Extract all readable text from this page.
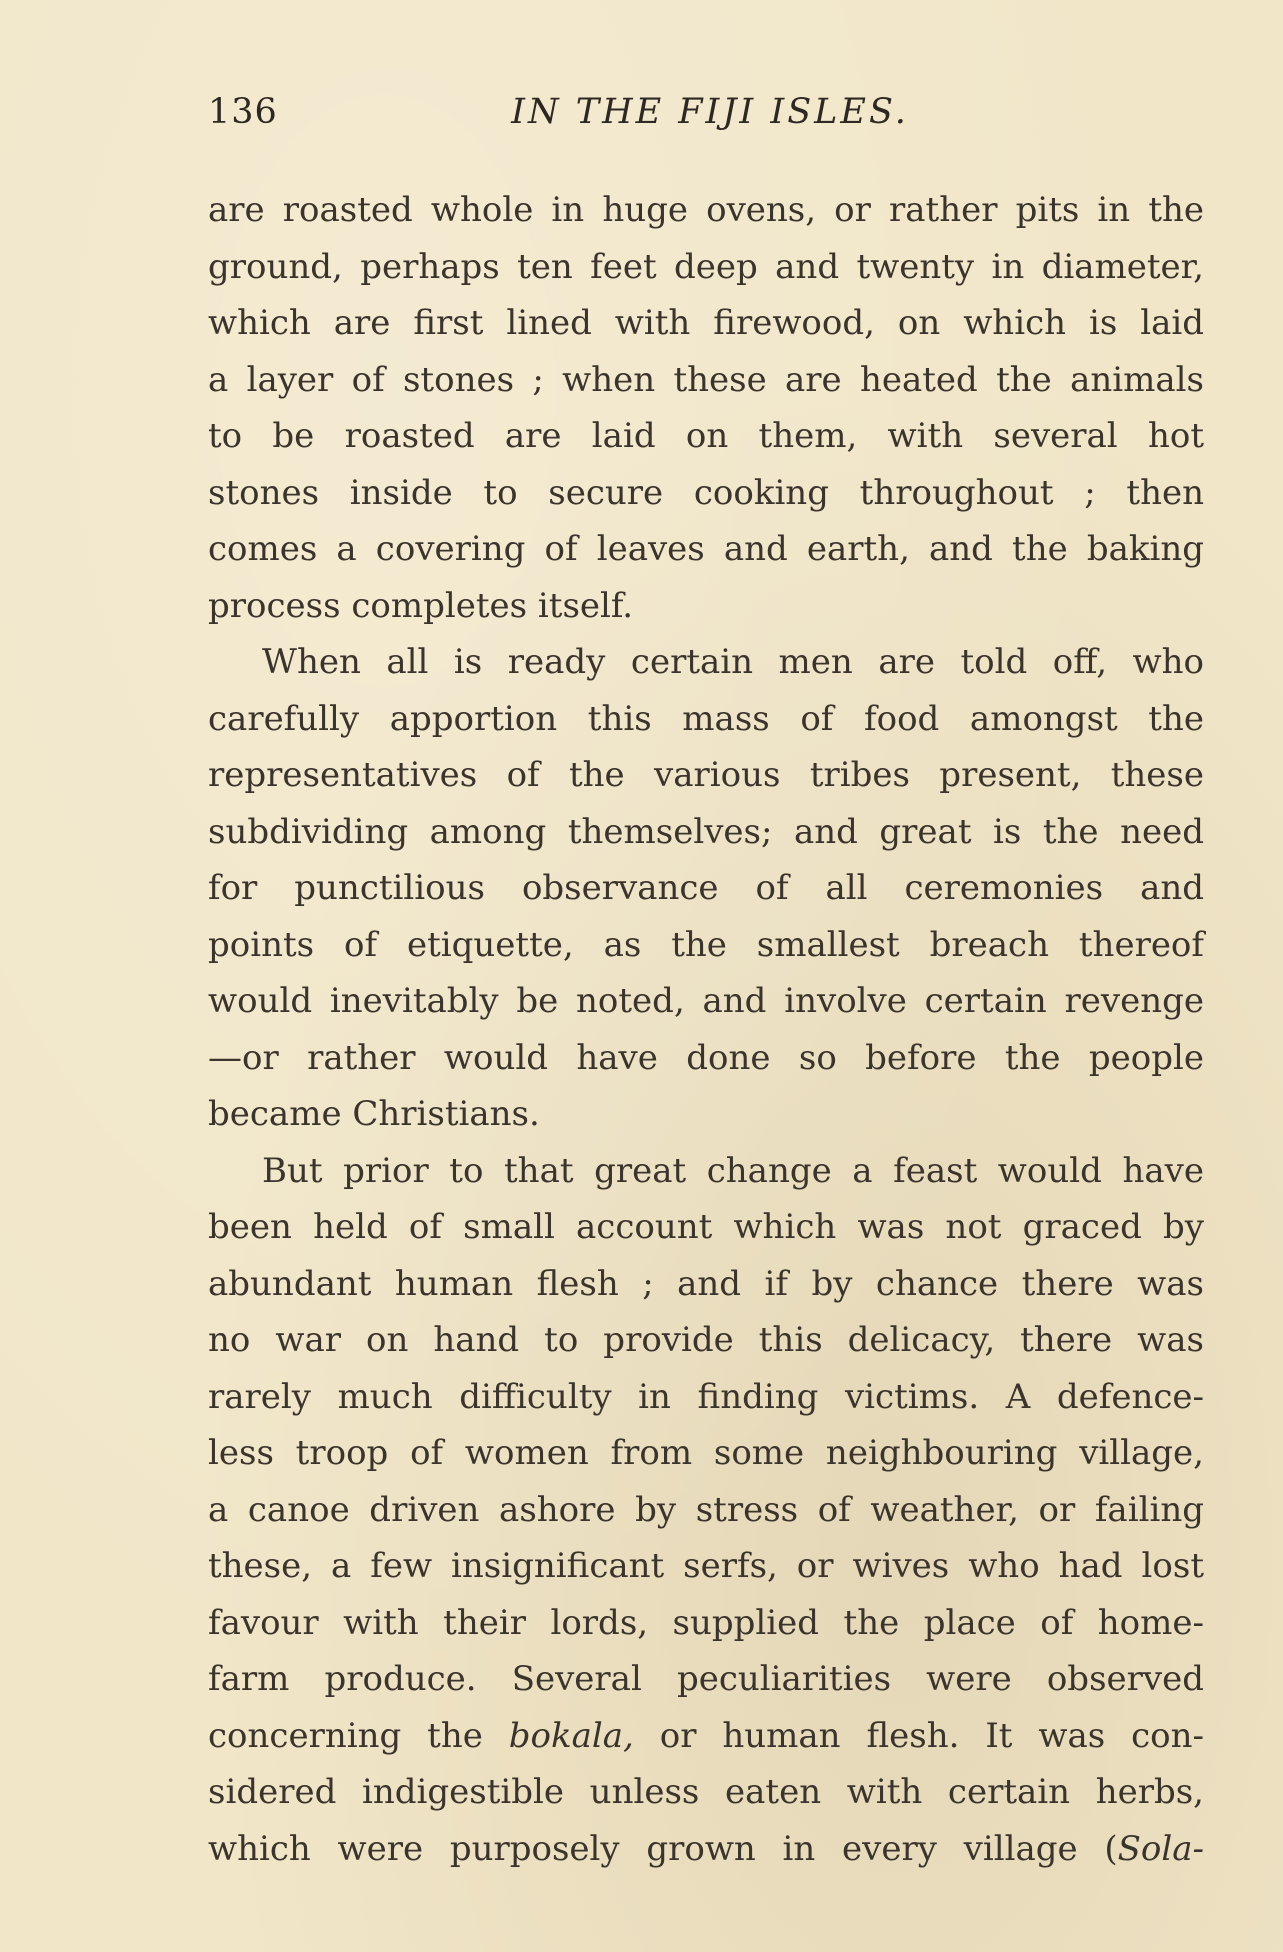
136	IN THE FIJI ISLES.
are roasted whole in huge ovens, or rather pits in the
ground, perhaps ten feet deep and twenty in diameter,
which are first lined with firewood, on which is laid
a layer of stones ; when these are heated the animals
to be roasted are laid on them, with several hot
stones inside to secure cooking throughout ; then
comes a covering of leaves and earth, and the baking
process completes itself.
When all is ready certain men are told off, who
carefully apportion this mass of food amongst the
representatives of the various tribes present, these
subdividing among themselves; and great is the need
for punctilious observance of all ceremonies and
points of etiquette, as the smallest breach thereof
would inevitably be noted, and involve certain revenge
—or rather would have done so before the people
became Christians.
But prior to that great change a feast would have
been held of small account which was not graced by
abundant human flesh ; and if by chance there was
no war on hand to provide this delicacy, there was
rarely much difficulty in finding victims. A defence-
less troop of women from some neighbouring village,
a canoe driven ashore by stress of weather, or failing
these, a few insignificant serfs, or wives who had lost
favour with their lords, supplied the place of home-
farm produce. Several peculiarities were observed
concerning the bokala, or human flesh. It was con-
sidered indigestible unless eaten with certain herbs,
which were purposely grown in every village (Sola-
